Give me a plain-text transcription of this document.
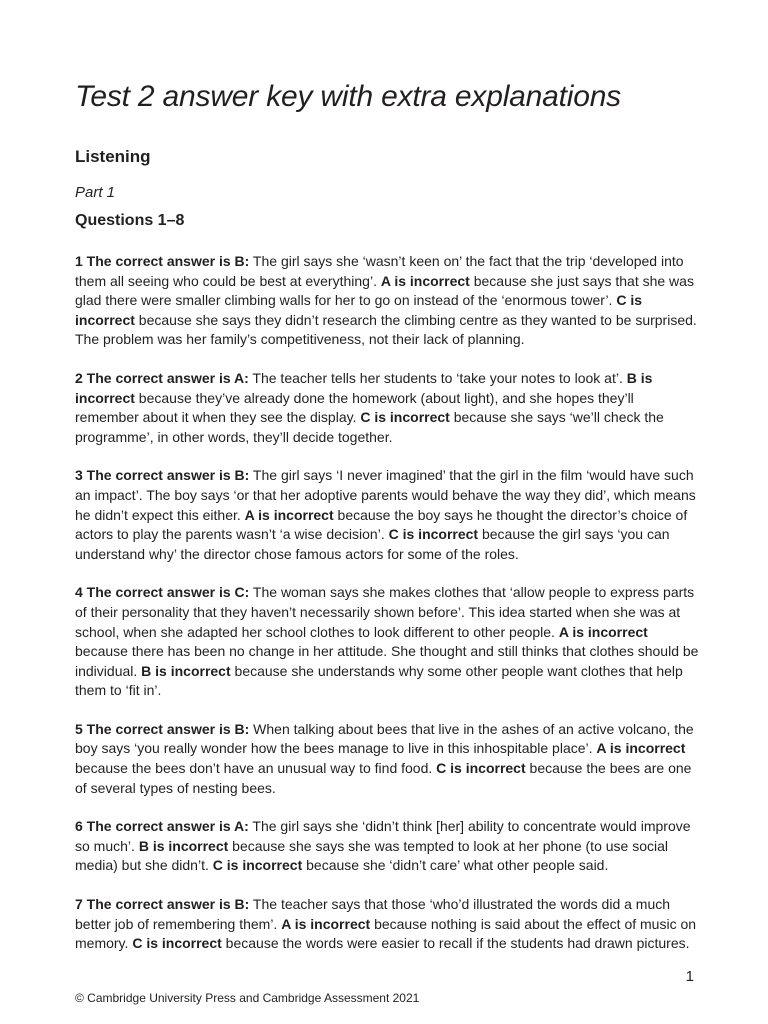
Test 2 answer key with extra explanations
Listening

Part 1

Questions 1–8

1 The correct answer is B: The girl says she ‘wasn’t keen on’ the fact that the trip ‘developed into them all seeing who could be best at everything’. A is incorrect because she just says that she was glad there were smaller climbing walls for her to go on instead of the ‘enormous tower’. C is incorrect because she says they didn’t research the climbing centre as they wanted to be surprised. The problem was her family’s competitiveness, not their lack of planning.

2 The correct answer is A: The teacher tells her students to ‘take your notes to look at’. B is incorrect because they’ve already done the homework (about light), and she hopes they’ll remember about it when they see the display. C is incorrect because she says ‘we’ll check the programme’, in other words, they’ll decide together.

3 The correct answer is B: The girl says ‘I never imagined’ that the girl in the film ‘would have such an impact’. The boy says ‘or that her adoptive parents would behave the way they did’, which means he didn’t expect this either. A is incorrect because the boy says he thought the director’s choice of actors to play the parents wasn’t ‘a wise decision’. C is incorrect because the girl says ‘you can understand why’ the director chose famous actors for some of the roles.

4 The correct answer is C: The woman says she makes clothes that ‘allow people to express parts of their personality that they haven’t necessarily shown before’. This idea started when she was at school, when she adapted her school clothes to look different to other people. A is incorrect because there has been no change in her attitude. She thought and still thinks that clothes should be individual. B is incorrect because she understands why some other people want clothes that help them to ‘fit in’.

5 The correct answer is B: When talking about bees that live in the ashes of an active volcano, the boy says ‘you really wonder how the bees manage to live in this inhospitable place’. A is incorrect because the bees don’t have an unusual way to find food. C is incorrect because the bees are one of several types of nesting bees.

6 The correct answer is A: The girl says she ‘didn’t think [her] ability to concentrate would improve so much’. B is incorrect because she says she was tempted to look at her phone (to use social media) but she didn’t. C is incorrect because she ‘didn’t care’ what other people said.

7 The correct answer is B: The teacher says that those ‘who’d illustrated the words did a much better job of remembering them’. A is incorrect because nothing is said about the effect of music on memory. C is incorrect because the words were easier to recall if the students had drawn pictures.

1
© Cambridge University Press and Cambridge Assessment 2021
